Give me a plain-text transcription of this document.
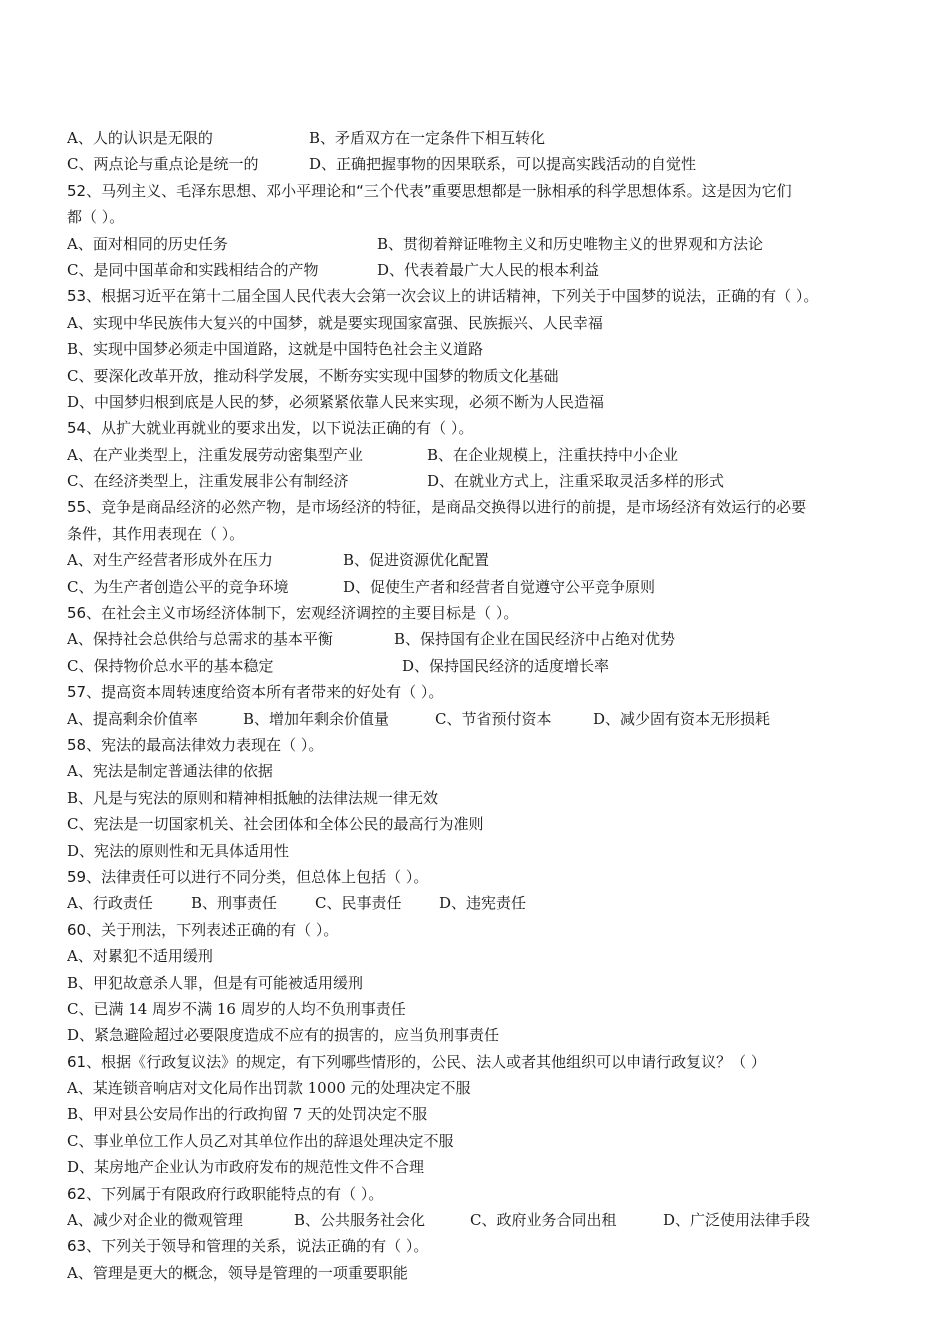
A、人的认识是无限的	B、矛盾双方在一定条件下相互转化
C、两点论与重点论是统一的	D、正确把握事物的因果联系，可以提高实践活动的自觉性
52、马列主义、毛泽东思想、邓小平理论和“三个代表”重要思想都是一脉相承的科学思想体系。这是因为它们
都（ ）。
A、面对相同的历史任务	B、贯彻着辩证唯物主义和历史唯物主义的世界观和方法论
C、是同中国革命和实践相结合的产物	D、代表着最广大人民的根本利益
53、根据习近平在第十二届全国人民代表大会第一次会议上的讲话精神，下列关于中国梦的说法，正确的有（ ）。
A、实现中华民族伟大复兴的中国梦，就是要实现国家富强、民族振兴、人民幸福
B、实现中国梦必须走中国道路，这就是中国特色社会主义道路
C、要深化改革开放，推动科学发展，不断夯实实现中国梦的物质文化基础
D、中国梦归根到底是人民的梦，必须紧紧依靠人民来实现，必须不断为人民造福
54、从扩大就业再就业的要求出发，以下说法正确的有（ ）。
A、在产业类型上，注重发展劳动密集型产业	B、在企业规模上，注重扶持中小企业
C、在经济类型上，注重发展非公有制经济	D、在就业方式上，注重采取灵活多样的形式
55、竞争是商品经济的必然产物，是市场经济的特征，是商品交换得以进行的前提，是市场经济有效运行的必要
条件，其作用表现在（ ）。
A、对生产经营者形成外在压力	B、促进资源优化配置
C、为生产者创造公平的竞争环境	D、促使生产者和经营者自觉遵守公平竞争原则
56、在社会主义市场经济体制下，宏观经济调控的主要目标是（ ）。
A、保持社会总供给与总需求的基本平衡	B、保持国有企业在国民经济中占绝对优势
C、保持物价总水平的基本稳定	D、保持国民经济的适度增长率
57、提高资本周转速度给资本所有者带来的好处有（ ）。
A、提高剩余价值率	B、增加年剩余价值量	C、节省预付资本	D、减少固有资本无形损耗
58、宪法的最高法律效力表现在（ ）。
A、宪法是制定普通法律的依据
B、凡是与宪法的原则和精神相抵触的法律法规一律无效
C、宪法是一切国家机关、社会团体和全体公民的最高行为准则
D、宪法的原则性和无具体适用性
59、法律责任可以进行不同分类，但总体上包括（ ）。
A、行政责任	B、刑事责任	C、民事责任	D、违宪责任
60、关于刑法，下列表述正确的有（ ）。
A、对累犯不适用缓刑
B、甲犯故意杀人罪，但是有可能被适用缓刑
C、已满 14 周岁不满 16 周岁的人均不负刑事责任
D、紧急避险超过必要限度造成不应有的损害的，应当负刑事责任
61、根据《行政复议法》的规定，有下列哪些情形的，公民、法人或者其他组织可以申请行政复议？（ ）
A、某连锁音响店对文化局作出罚款 1000 元的处理决定不服
B、甲对县公安局作出的行政拘留 7 天的处罚决定不服
C、事业单位工作人员乙对其单位作出的辞退处理决定不服
D、某房地产企业认为市政府发布的规范性文件不合理
62、下列属于有限政府行政职能特点的有（ ）。
A、减少对企业的微观管理	B、公共服务社会化	C、政府业务合同出租	D、广泛使用法律手段
63、下列关于领导和管理的关系，说法正确的有（ ）。
A、管理是更大的概念，领导是管理的一项重要职能
